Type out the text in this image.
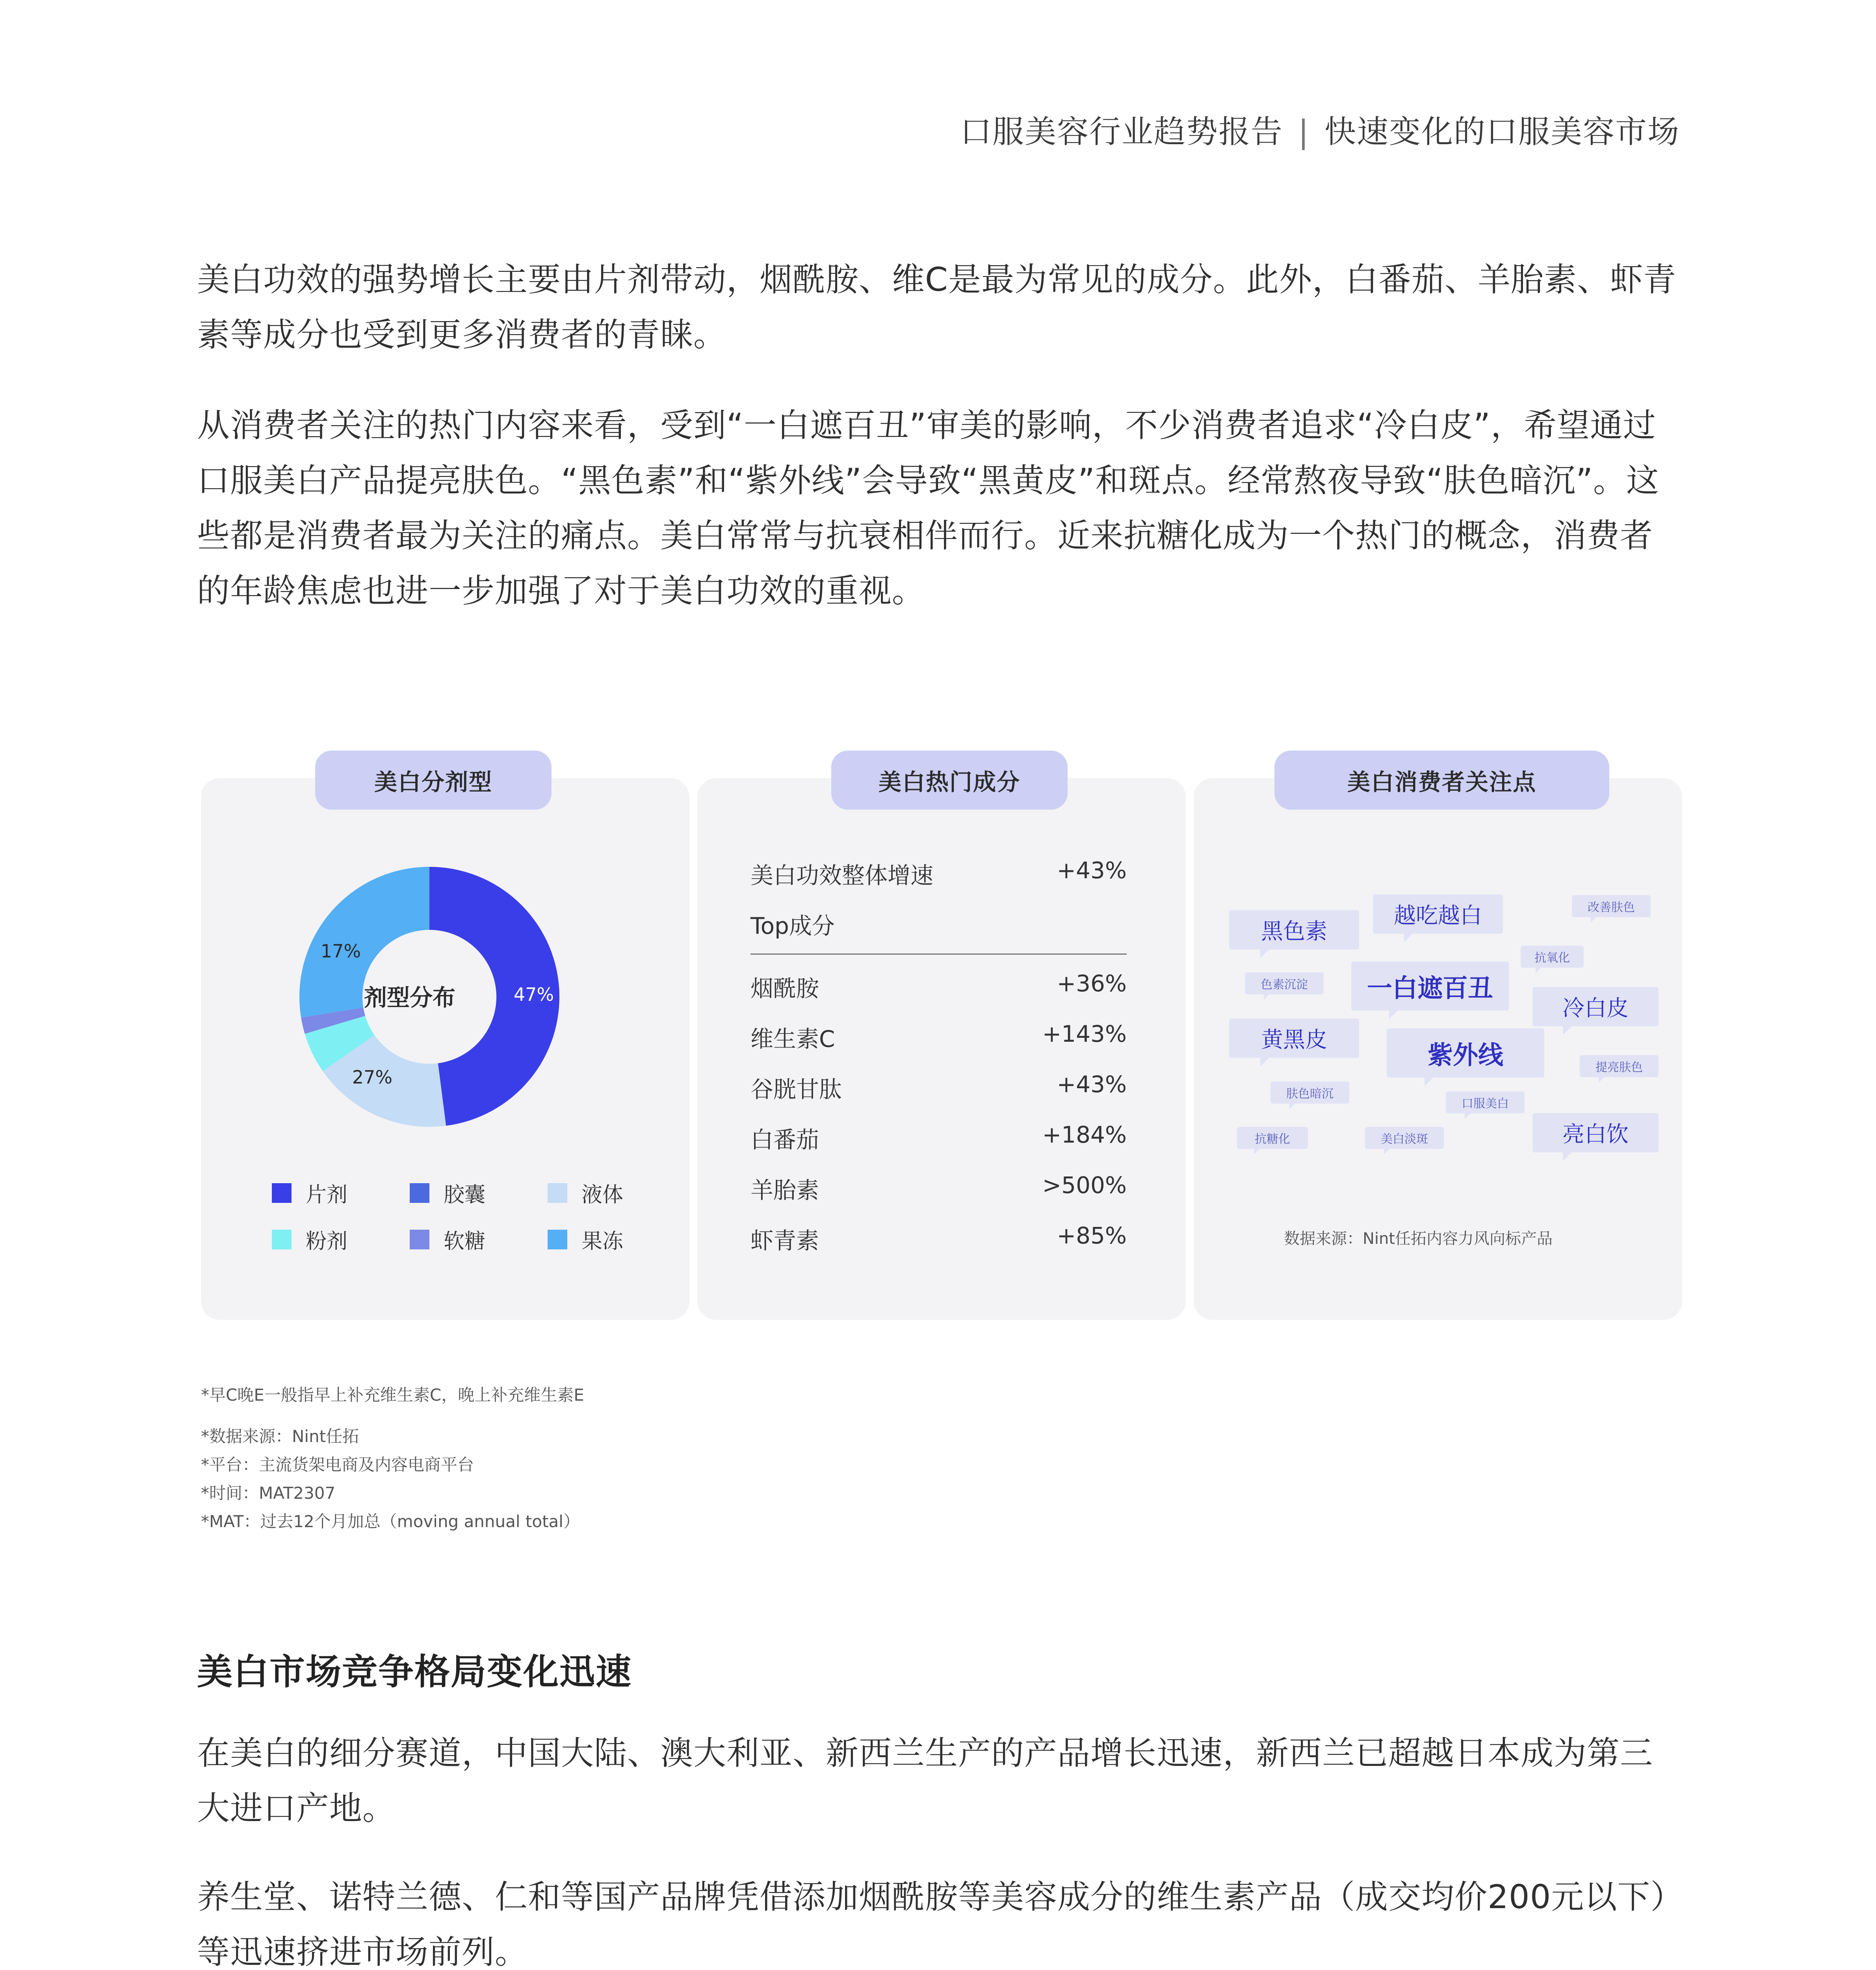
口服美容行业趋势报告 | 快速变化的口服美容市场

美白功效的强势增长主要由片剂带动，烟酰胺、维C是最为常见的成分。此外，白番茄、羊胎素、虾青素等成分也受到更多消费者的青睐。

从消费者关注的热门内容来看，受到“一白遮百丑”审美的影响，不少消费者追求“冷白皮”，希望通过口服美白产品提亮肤色。“黑色素”和“紫外线”会导致“黑黄皮”和斑点。经常熬夜导致“肤色暗沉”。这些都是消费者最为关注的痛点。美白常常与抗衰相伴而行。近来抗糖化成为一个热门的概念，消费者的年龄焦虑也进一步加强了对于美白功效的重视。

美白分剂型	美白热门成分	美白消费者关注点
剂型分布	47%
27%
17%
片剂	胶囊	液体
粉剂	软糖	果冻
美白功效整体增速	+43%
Top成分
烟酰胺	+36%
维生素C	+143%
谷胱甘肽	+43%
白番茄	+184%
羊胎素	>500%
虾青素	+85%
黑色素
越吃越白	改善肤色
抗氧化
色素沉淀	一白遮百丑
冷白皮
黄黑皮
紫外线	提亮肤色
肤色暗沉
口服美白
抗糖化	美白淡斑	亮白饮
数据来源：Nint任拓内容力风向标产品
*早C晚E一般指早上补充维生素C，晚上补充维生素E
*数据来源：Nint任拓
*平台：主流货架电商及内容电商平台
*时间：MAT2307
*MAT：过去12个月加总（moving annual total）
美白市场竞争格局变化迅速

在美白的细分赛道，中国大陆、澳大利亚、新西兰生产的产品增长迅速，新西兰已超越日本成为第三大进口产地。

养生堂、诺特兰德、仁和等国产品牌凭借添加烟酰胺等美容成分的维生素产品（成交均价200元以下）等迅速挤进市场前列。
